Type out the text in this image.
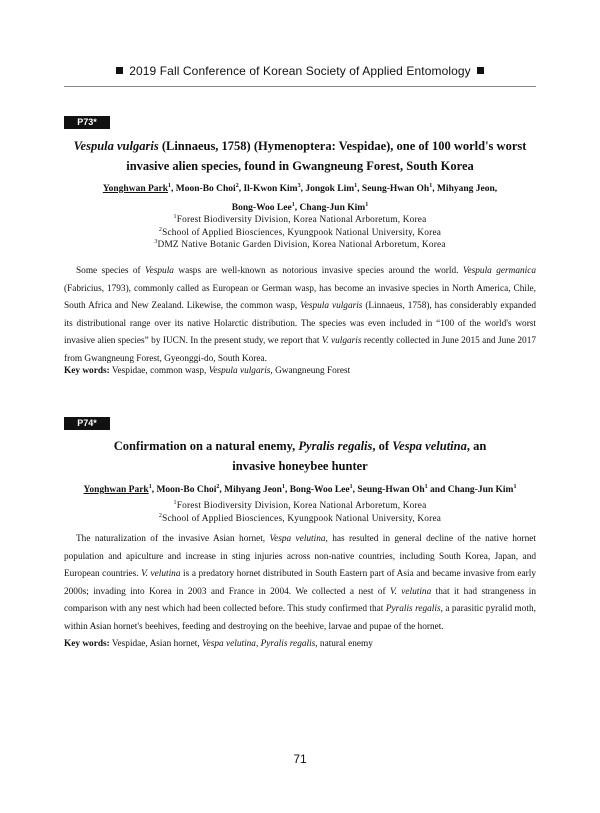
2019 Fall Conference of Korean Society of Applied Entomology
P73*
Vespula vulgaris (Linnaeus, 1758) (Hymenoptera: Vespidae), one of 100 world's worst
invasive alien species, found in Gwangneung Forest, South Korea
Yonghwan Park$^1$, Moon-Bo Choi$^2$, Il-Kwon Kim$^3$, Jongok Lim$^1$, Seung-Hwan Oh$^1$, Mihyang Jeon,
Bong-Woo Lee$^1$, Chang-Jun Kim$^1$
$^1$Forest Biodiversity Division, Korea National Arboretum, Korea
$^2$School of Applied Biosciences, Kyungpook National University, Korea
$^3$DMZ Native Botanic Garden Division, Korea National Arboretum, Korea
Some species of Vespula wasps are well-known as notorious invasive species around the world. Vespula germanica (Fabricius, 1793), commonly called as European or German wasp, has become an invasive species in North America, Chile, South Africa and New Zealand. Likewise, the common wasp, Vespula vulgaris (Linnaeus, 1758), has considerably expanded its distributional range over its native Holarctic distribution. The species was even included in “100 of the world's worst invasive alien species” by IUCN. In the present study, we report that V. vulgaris recently collected in June 2015 and June 2017 from Gwangneung Forest, Gyeonggi-do, South Korea.
Key words: Vespidae, common wasp, Vespula vulgaris, Gwangneung Forest
P74*
Confirmation on a natural enemy, Pyralis regalis, of Vespa velutina, an
invasive honeybee hunter
Yonghwan Park$^1$, Moon-Bo Choi$^2$, Mihyang Jeon$^1$, Bong-Woo Lee$^1$, Seung-Hwan Oh$^1$ and Chang-Jun Kim$^1$
$^1$Forest Biodiversity Division, Korea National Arboretum, Korea
$^2$School of Applied Biosciences, Kyungpook National University, Korea
The naturalization of the invasive Asian hornet, Vespa velutina, has resulted in general decline of the native hornet population and apiculture and increase in sting injuries across non-native countries, including South Korea, Japan, and European countries. V. velutina is a predatory hornet distributed in South Eastern part of Asia and became invasive from early 2000s; invading into Korea in 2003 and France in 2004. We collected a nest of V. velutina that it had strangeness in comparison with any nest which had been collected before. This study confirmed that Pyralis regalis, a parasitic pyralid moth, within Asian hornet's beehives, feeding and destroying on the beehive, larvae and pupae of the hornet.
Key words: Vespidae, Asian hornet, Vespa velutina, Pyralis regalis, natural enemy
71
